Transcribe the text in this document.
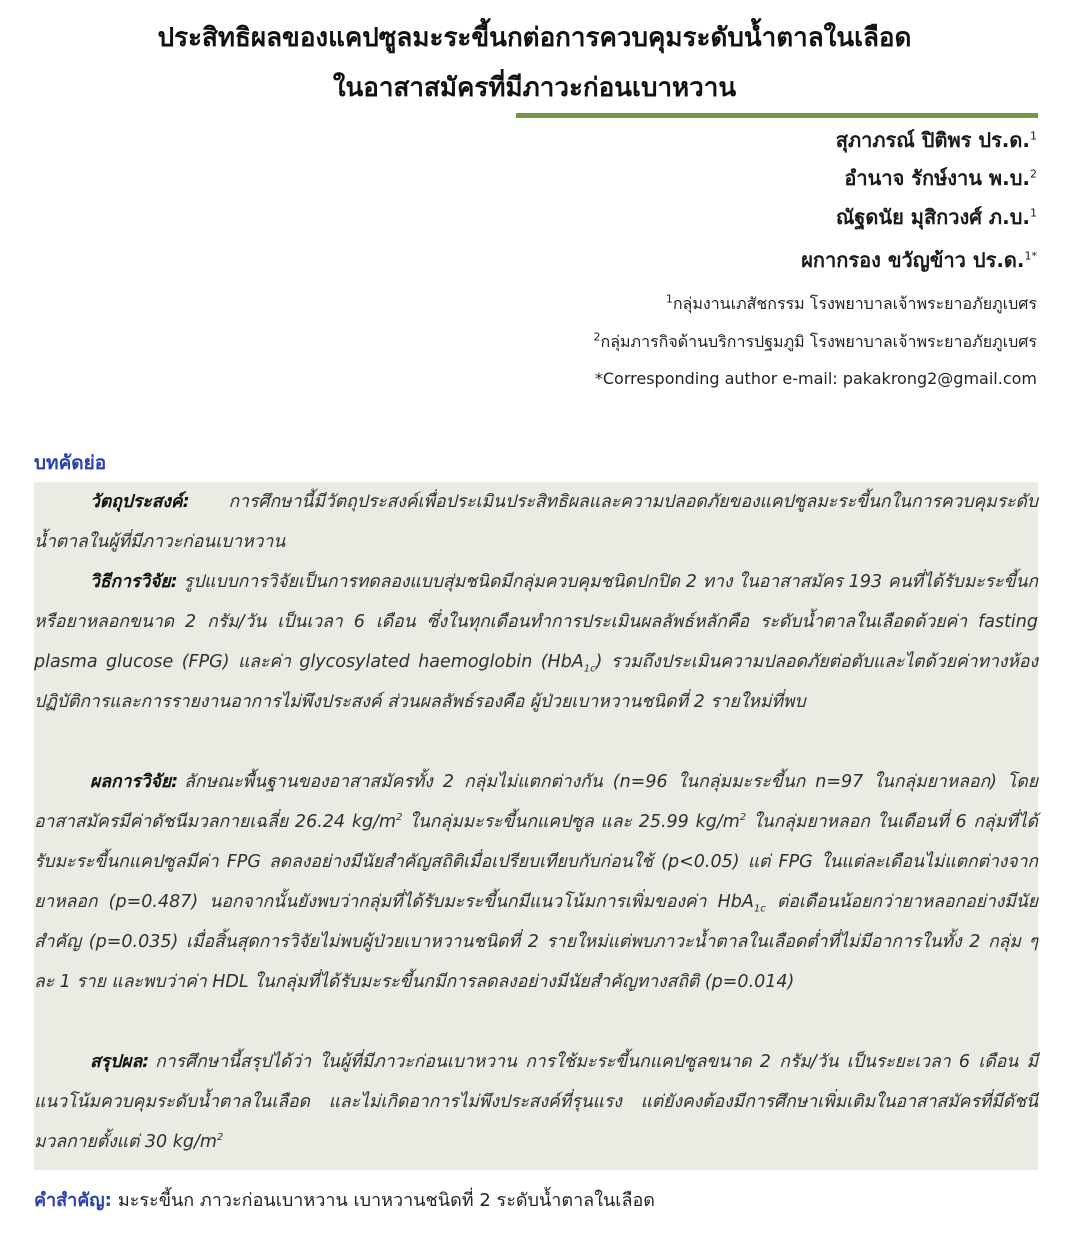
ประสิทธิผลของแคปซูลมะระขี้นกต่อการควบคุมระดับน้ำตาลในเลือด
ในอาสาสมัครที่มีภาวะก่อนเบาหวาน
สุภาภรณ์ ปิติพร ปร.ด.$^1$
อำนาจ รักษ์งาน พ.บ.$^2$
ณัฐดนัย มุสิกวงศ์ ภ.บ.$^1$
ผกากรอง ขวัญข้าว ปร.ด.$^{1*}$
$^1$กลุ่มงานเภสัชกรรม โรงพยาบาลเจ้าพระยาอภัยภูเบศร
$^2$กลุ่มภารกิจด้านบริการปฐมภูมิ โรงพยาบาลเจ้าพระยาอภัยภูเบศร
*Corresponding author e-mail: pakakrong2@gmail.com
บทคัดย่อ

วัตถุประสงค์: การศึกษานี้มีวัตถุประสงค์เพื่อประเมินประสิทธิผลและความปลอดภัยของแคปซูลมะระขี้นกในการควบคุมระดับน้ำตาลในผู้ที่มีภาวะก่อนเบาหวาน

วิธีการวิจัย: รูปแบบการวิจัยเป็นการทดลองแบบสุ่มชนิดมีกลุ่มควบคุมชนิดปกปิด 2 ทาง ในอาสาสมัคร 193 คนที่ได้รับมะระขี้นก หรือยาหลอกขนาด 2 กรัม/วัน เป็นเวลา 6 เดือน ซึ่งในทุกเดือนทำการประเมินผลลัพธ์หลักคือ ระดับน้ำตาลในเลือดด้วยค่า fasting plasma glucose (FPG) และค่า glycosylated haemoglobin (HbA$_{1c}$) รวมถึงประเมินความปลอดภัยต่อตับและไตด้วยค่าทางห้องปฏิบัติการและการรายงานอาการไม่พึงประสงค์ ส่วนผลลัพธ์รองคือ ผู้ป่วยเบาหวานชนิดที่ 2 รายใหม่ที่พบ

ผลการวิจัย: ลักษณะพื้นฐานของอาสาสมัครทั้ง 2 กลุ่มไม่แตกต่างกัน (n=96 ในกลุ่มมะระขี้นก n=97 ในกลุ่มยาหลอก) โดยอาสาสมัครมีค่าดัชนีมวลกายเฉลี่ย 26.24 $kg/m^2$ ในกลุ่มมะระขี้นกแคปซูล และ 25.99 $kg/m^2$ ในกลุ่มยาหลอก ในเดือนที่ 6 กลุ่มที่ได้รับมะระขี้นกแคปซูลมีค่า FPG ลดลงอย่างมีนัยสำคัญสถิติเมื่อเปรียบเทียบกับก่อนใช้ (p<0.05) แต่ FPG ในแต่ละเดือนไม่แตกต่างจากยาหลอก (p=0.487) นอกจากนั้นยังพบว่ากลุ่มที่ได้รับมะระขี้นกมีแนวโน้มการเพิ่มของค่า HbA$_{1c}$ ต่อเดือนน้อยกว่ายาหลอกอย่างมีนัยสำคัญ (p=0.035) เมื่อสิ้นสุดการวิจัยไม่พบผู้ป่วยเบาหวานชนิดที่ 2 รายใหม่แต่พบภาวะน้ำตาลในเลือดต่ำที่ไม่มีอาการในทั้ง 2 กลุ่ม ๆ ละ 1 ราย และพบว่าค่า HDL ในกลุ่มที่ได้รับมะระขี้นกมีการลดลงอย่างมีนัยสำคัญทางสถิติ (p=0.014)

สรุปผล: การศึกษานี้สรุปได้ว่า ในผู้ที่มีภาวะก่อนเบาหวาน การใช้มะระขี้นกแคปซูลขนาด 2 กรัม/วัน เป็นระยะเวลา 6 เดือน มีแนวโน้มควบคุมระดับน้ำตาลในเลือด และไม่เกิดอาการไม่พึงประสงค์ที่รุนแรง แต่ยังคงต้องมีการศึกษาเพิ่มเติมในอาสาสมัครที่มีดัชนีมวลกายตั้งแต่ 30 $kg/m^2$

คำสำคัญ: มะระขี้นก ภาวะก่อนเบาหวาน เบาหวานชนิดที่ 2 ระดับน้ำตาลในเลือด
